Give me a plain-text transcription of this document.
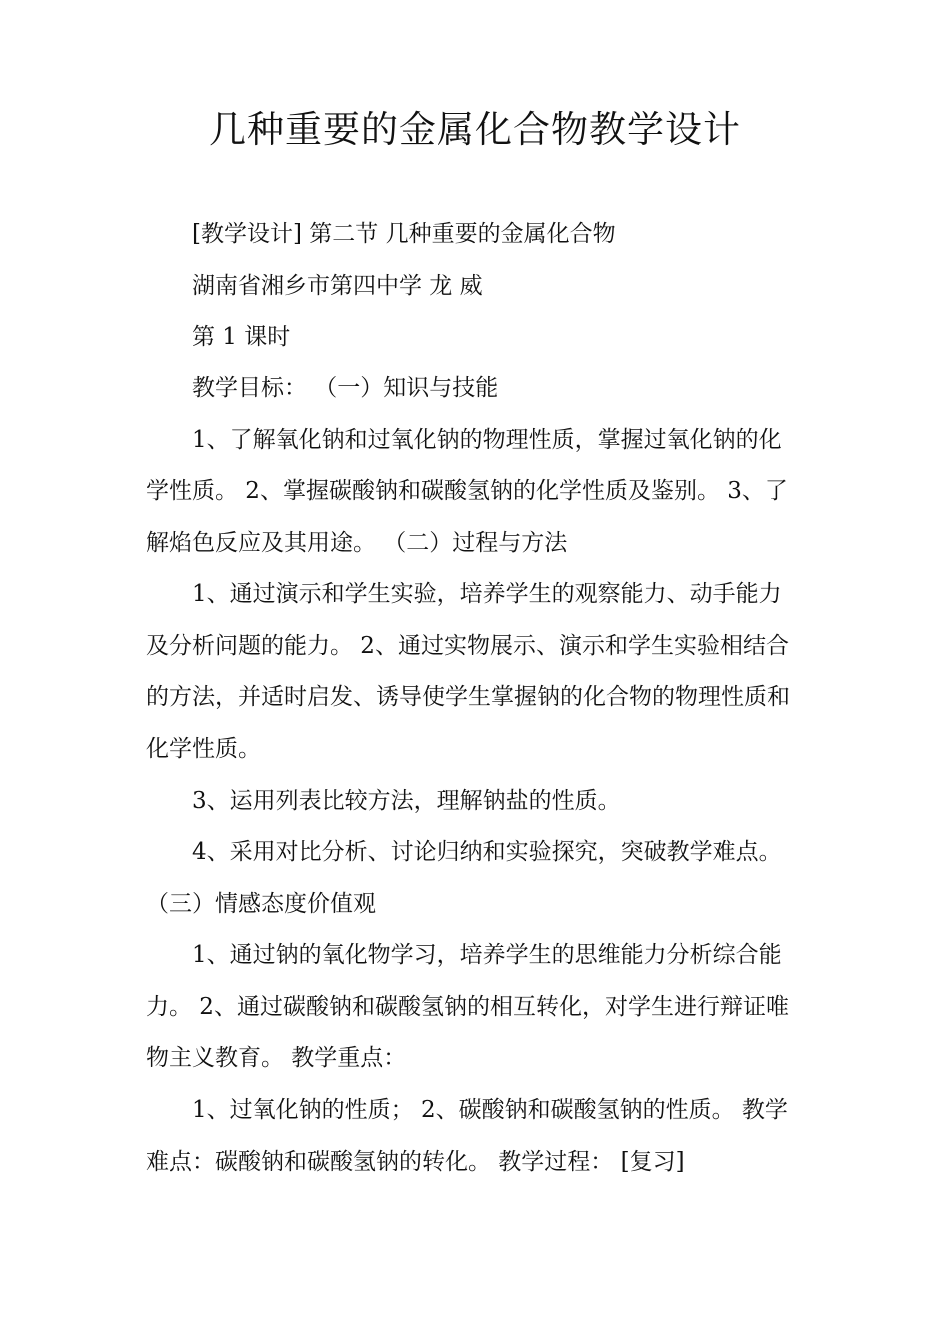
几种重要的金属化合物教学设计
[教学设计] 第二节 几种重要的金属化合物
湖南省湘乡市第四中学 龙 威
第 1 课时
教学目标： （一）知识与技能
1、了解氧化钠和过氧化钠的物理性质，掌握过氧化钠的化
学性质。 2、掌握碳酸钠和碳酸氢钠的化学性质及鉴别。 3、了
解焰色反应及其用途。 （二）过程与方法
1、通过演示和学生实验，培养学生的观察能力、动手能力
及分析问题的能力。 2、通过实物展示、演示和学生实验相结合
的方法，并适时启发、诱导使学生掌握钠的化合物的物理性质和
化学性质。
3、运用列表比较方法，理解钠盐的性质。
4、采用对比分析、讨论归纳和实验探究，突破教学难点。
（三）情感态度价值观
1、通过钠的氧化物学习，培养学生的思维能力分析综合能
力。 2、通过碳酸钠和碳酸氢钠的相互转化，对学生进行辩证唯
物主义教育。 教学重点：
1、过氧化钠的性质； 2、碳酸钠和碳酸氢钠的性质。 教学
难点：碳酸钠和碳酸氢钠的转化。 教学过程： [复习]
